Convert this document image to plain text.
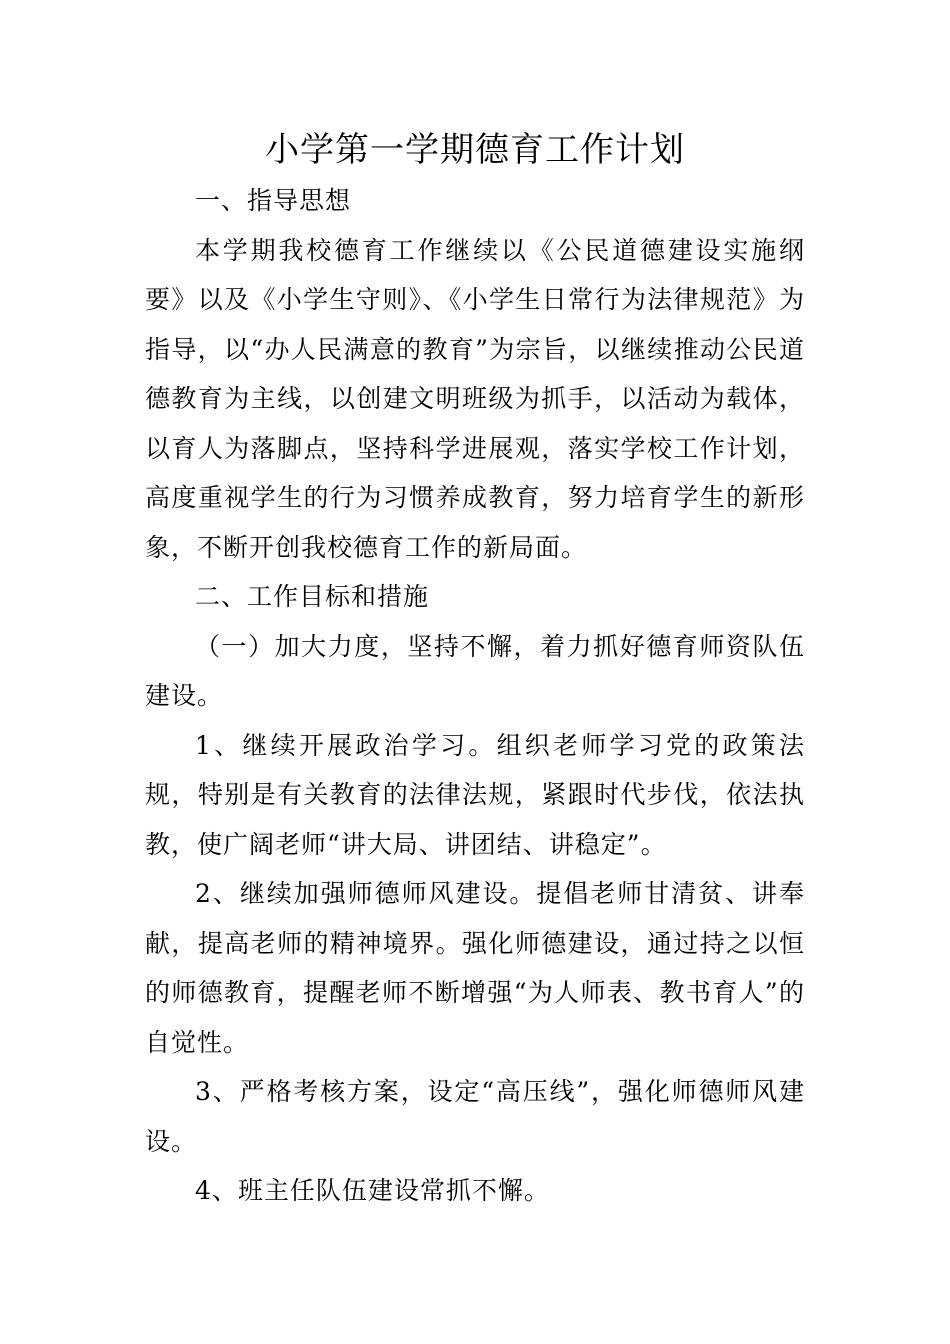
小学第一学期德育工作计划

一、指导思想

本学期我校德育工作继续以《公民道德建设实施纲要》以及《小学生守则》、《小学生日常行为法律规范》为指导，以“办人民满意的教育”为宗旨，以继续推动公民道德教育为主线，以创建文明班级为抓手，以活动为载体，以育人为落脚点，坚持科学进展观，落实学校工作计划，高度重视学生的行为习惯养成教育，努力培育学生的新形象，不断开创我校德育工作的新局面。

二、工作目标和措施

（一）加大力度，坚持不懈，着力抓好德育师资队伍建设。

1、继续开展政治学习。组织老师学习党的政策法规，特别是有关教育的法律法规，紧跟时代步伐，依法执教，使广阔老师“讲大局、讲团结、讲稳定”。

2、继续加强师德师风建设。提倡老师甘清贫、讲奉献，提高老师的精神境界。强化师德建设，通过持之以恒的师德教育，提醒老师不断增强“为人师表、教书育人”的自觉性。

3、严格考核方案，设定“高压线”，强化师德师风建设。

4、班主任队伍建设常抓不懈。
